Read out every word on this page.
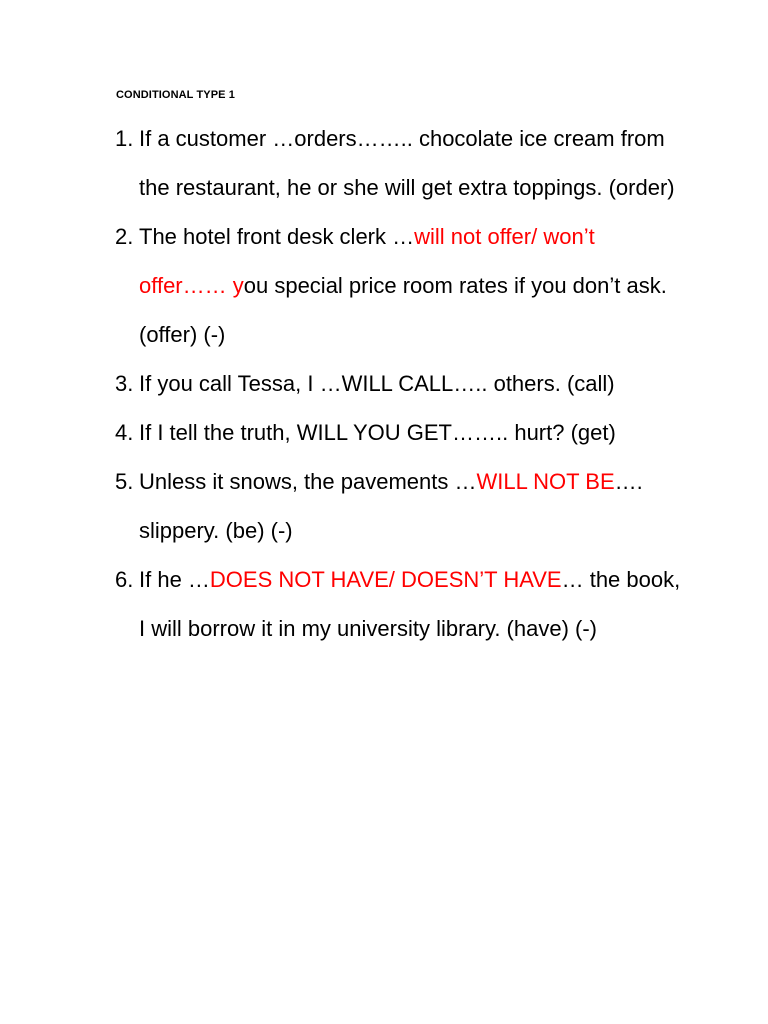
CONDITIONAL TYPE 1
1. If a customer …orders…….. chocolate ice cream from the restaurant, he or she will get extra toppings. (order)
2. The hotel front desk clerk …will not offer/ won’t offer…… you special price room rates if you don’t ask. (offer) (-)
3. If you call Tessa, I …WILL CALL….. others. (call)
4. If I tell the truth, WILL YOU GET…….. hurt? (get)
5. Unless it snows, the pavements …WILL NOT BE…. slippery. (be) (-)
6. If he …DOES NOT HAVE/ DOESN’T HAVE… the book, I will borrow it in my university library. (have) (-)
